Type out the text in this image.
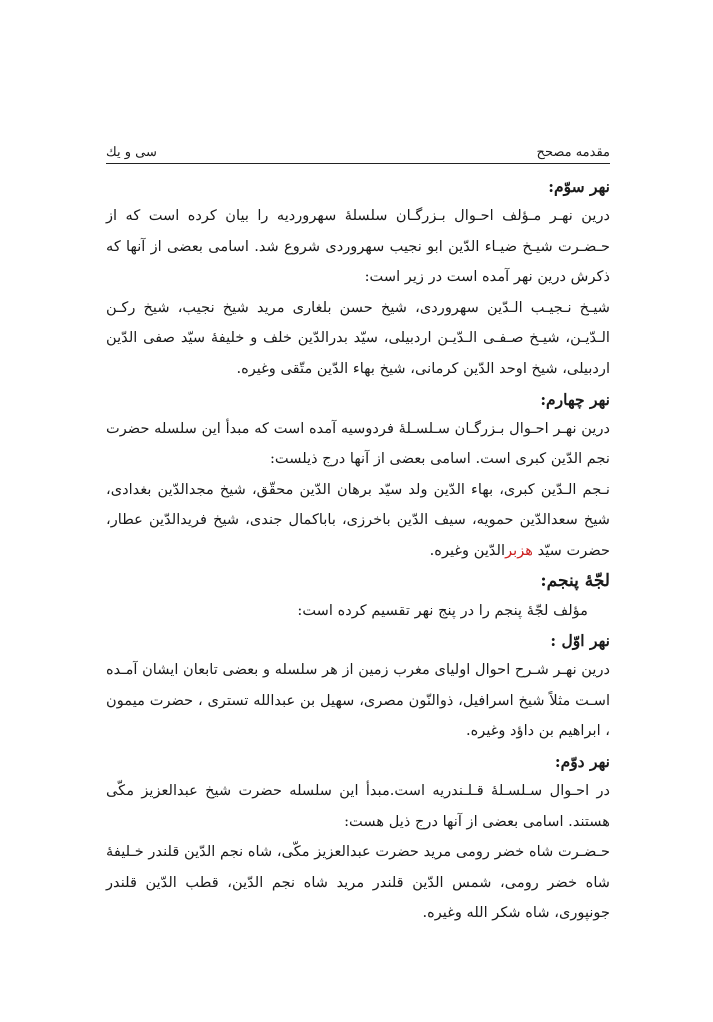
مقدمه مصحح
سی و یك

نهر سوّم:

درین نهـر مـؤلف احـوال بـزرگـان سلسلۀ سهروردیه را بیان کرده است که از حـضـرت شیـخ ضیـاء الدّین ابو نجیب سهروردی شروع شد. اسامی بعضی از آنها که ذکرش درین نهر آمده است در زیر است:

شیـخ نـجیـب الـدّین سهروردی، شیخ حسن بلغاری مرید شیخ نجیب، شیخ رکـن الـدّیـن، شیـخ صـفـی الـدّیـن اردبیلی، سیّد بدرالدّین خلف و خلیفۀ سیّد صفی الدّین اردبیلی، شیخ اوحد الدّین کرمانی، شیخ بهاء الدّین متّقی وغیره.

نهر چهارم:

درین نهـر احـوال بـزرگـان سـلسـلۀ فردوسیه آمده است که مبدأ این سلسله حضرت نجم الدّین کبری است. اسامی بعضی از آنها درج ذیلست:

نـجم الـدّین کبری، بهاء الدّین ولد سیّد برهان الدّین محقّق، شیخ مجدالدّین بغدادی، شیخ سعدالدّین حمویه، سیف الدّین باخرزی، باباکمال جندی، شیخ فریدالدّین عطار، حضرت سیّد هزبرالدّین وغیره.

لجّۀ پنجم:

مؤلف لجّۀ پنجم را در پنج نهر تقسیم کرده است:

نهر اوّل :

درین نهـر شـرح احوال اولیای مغرب زمین از هر سلسله و بعضی تابعان ایشان آمـده اسـت مثلاً شیخ اسرافیل، ذوالنّون مصری، سهیل بن عبدالله تستری ، حضرت میمون ، ابراهیم بن داؤد وغیره.

نهر دوّم:

در احـوال سـلسـلۀ قـلـندریه است.مبدأ این سلسله حضرت شیخ عبدالعزیز مکّی هستند. اسامی بعضی از آنها درج ذیل هست:

حـضـرت شاه خضر رومی مرید حضرت عبدالعزیز مکّی، شاه نجم الدّین قلندر خـلیفۀ شاه خضر رومی، شمس الدّین قلندر مرید شاه نجم الدّین، قطب الدّین قلندر جونپوری، شاه شکر الله وغیره.
